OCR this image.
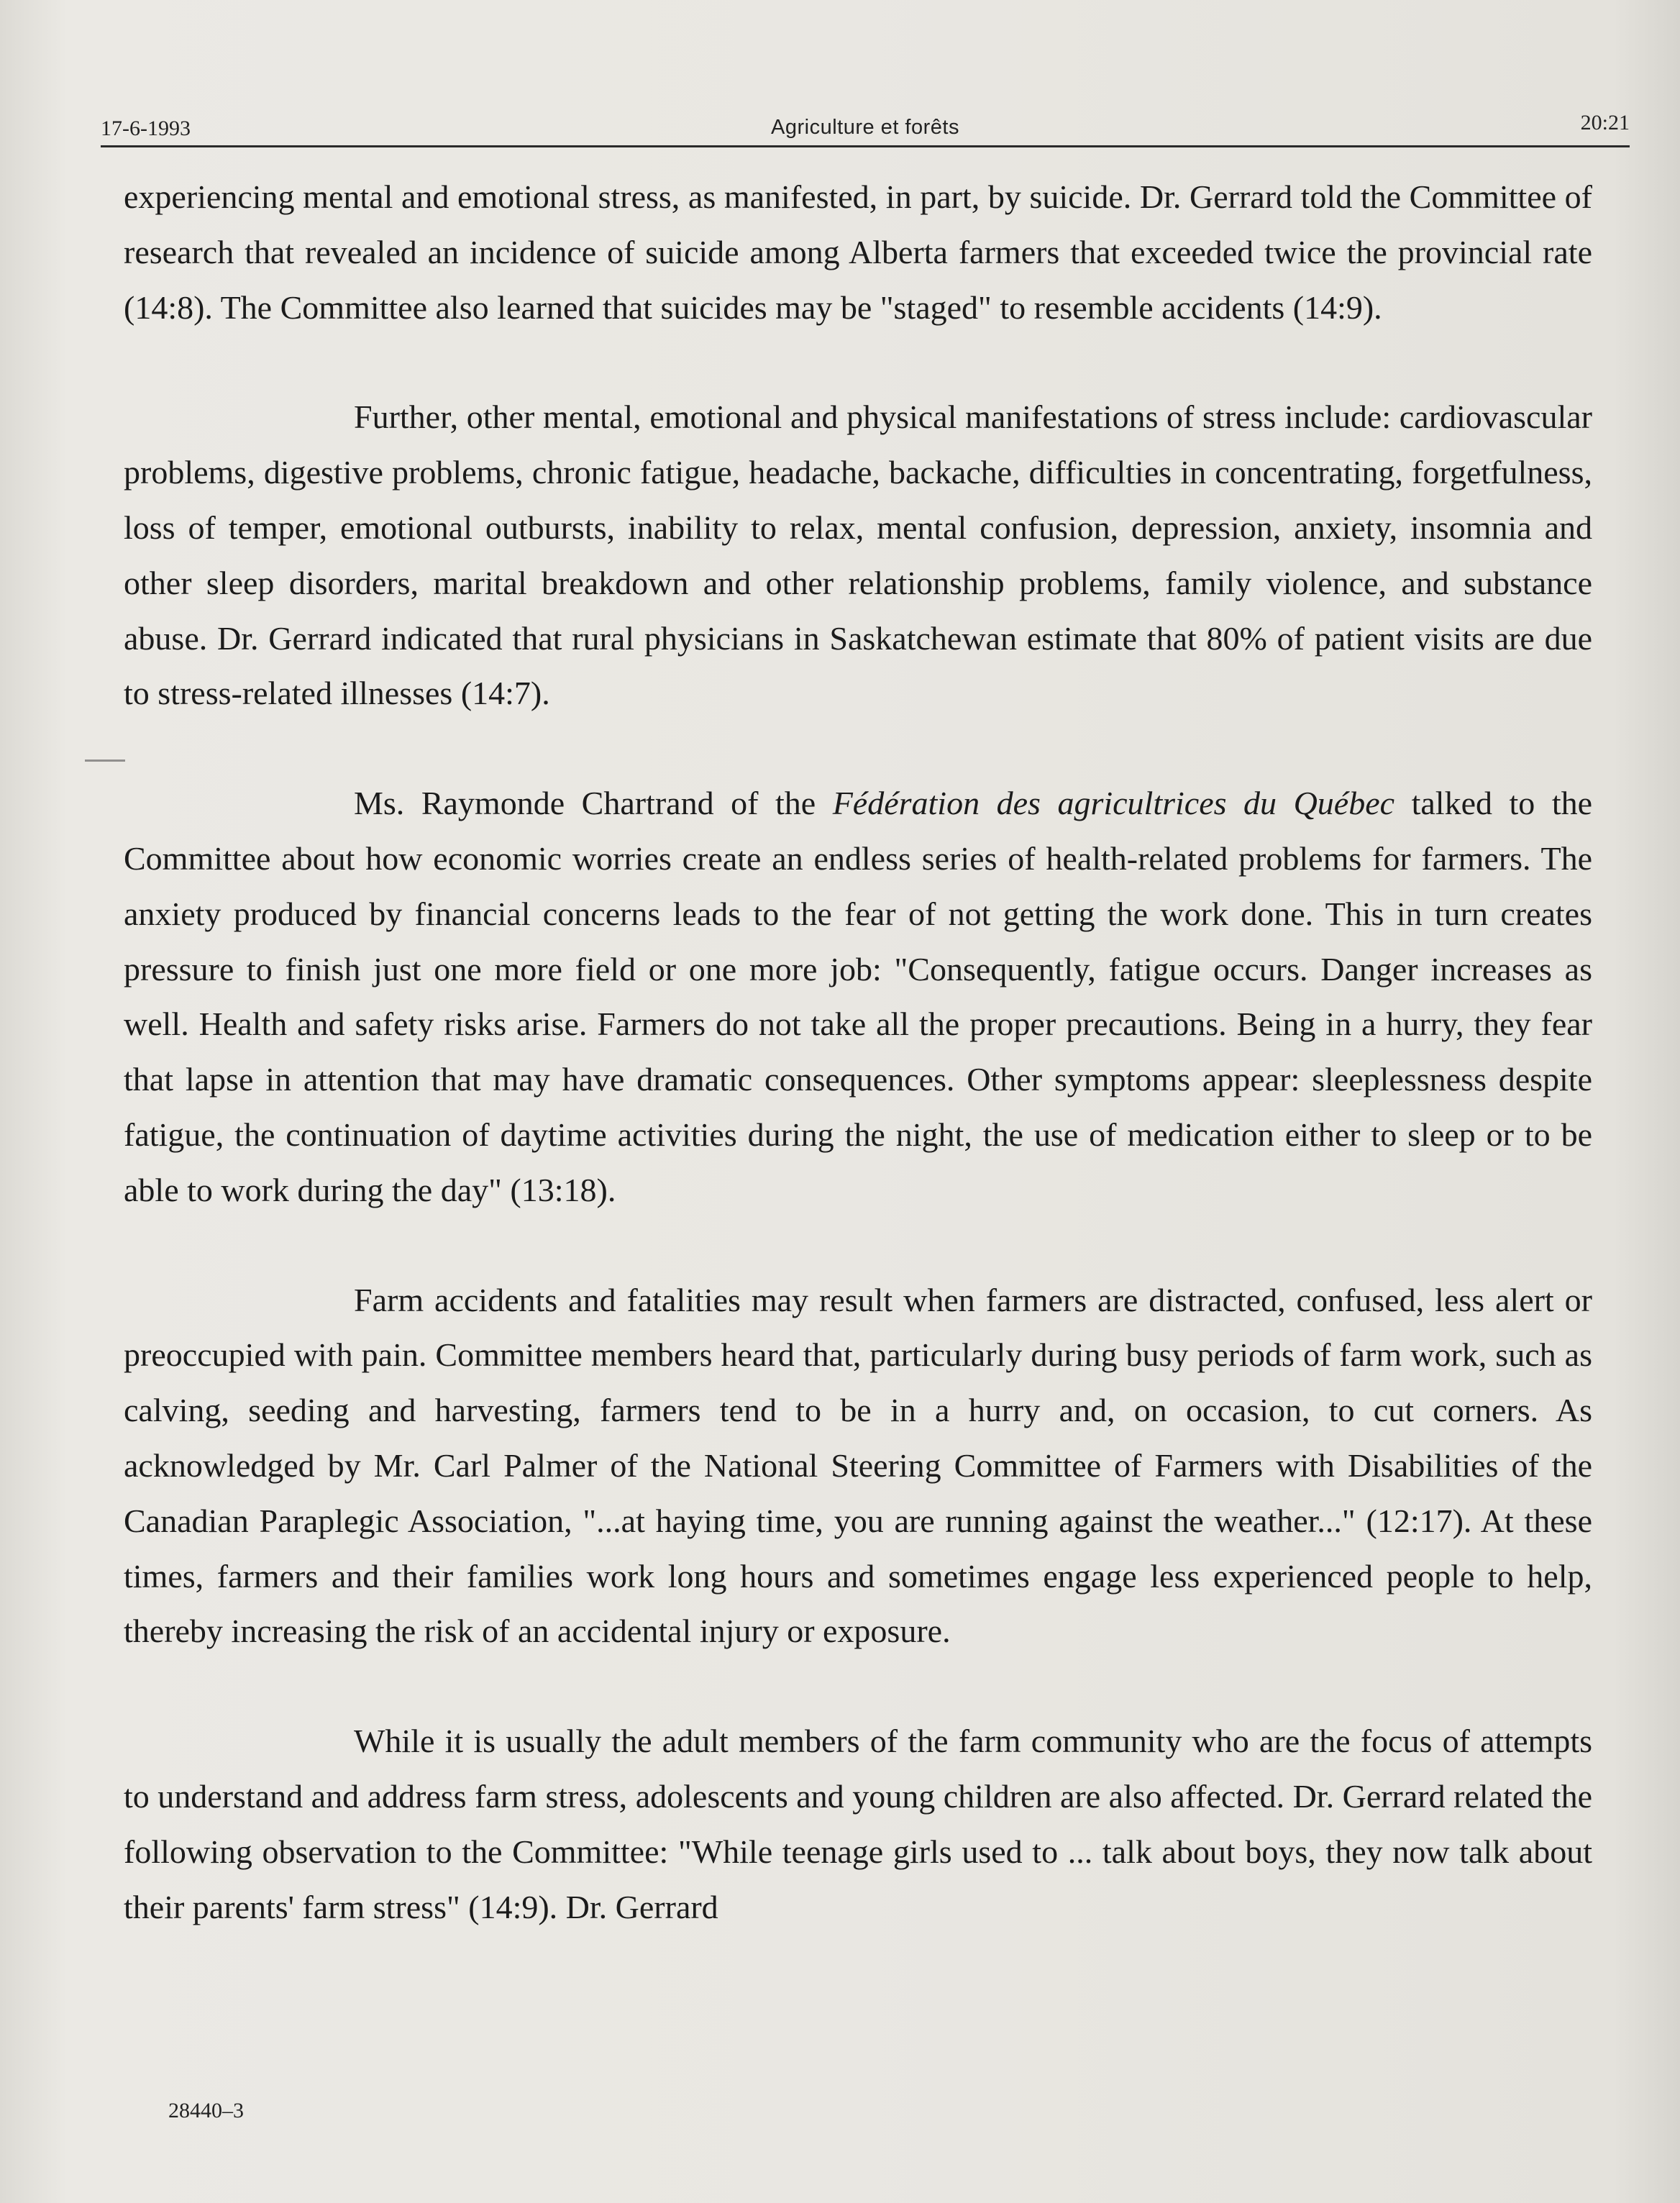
17-6-1993	Agriculture et forêts	20:21

experiencing mental and emotional stress, as manifested, in part, by suicide. Dr. Gerrard told the Committee of research that revealed an incidence of suicide among Alberta farmers that exceeded twice the provincial rate (14:8). The Committee also learned that suicides may be "staged" to resemble accidents (14:9).

Further, other mental, emotional and physical manifestations of stress include: cardiovascular problems, digestive problems, chronic fatigue, headache, backache, difficulties in concentrating, forgetfulness, loss of temper, emotional outbursts, inability to relax, mental confusion, depression, anxiety, insomnia and other sleep disorders, marital breakdown and other relationship problems, family violence, and substance abuse. Dr. Gerrard indicated that rural physicians in Saskatchewan estimate that 80% of patient visits are due to stress-related illnesses (14:7).

Ms. Raymonde Chartrand of the Fédération des agricultrices du Québec talked to the Committee about how economic worries create an endless series of health-related problems for farmers. The anxiety produced by financial concerns leads to the fear of not getting the work done. This in turn creates pressure to finish just one more field or one more job: "Consequently, fatigue occurs. Danger increases as well. Health and safety risks arise. Farmers do not take all the proper precautions. Being in a hurry, they fear that lapse in attention that may have dramatic consequences. Other symptoms appear: sleeplessness despite fatigue, the continuation of daytime activities during the night, the use of medication either to sleep or to be able to work during the day" (13:18).

Farm accidents and fatalities may result when farmers are distracted, confused, less alert or preoccupied with pain. Committee members heard that, particularly during busy periods of farm work, such as calving, seeding and harvesting, farmers tend to be in a hurry and, on occasion, to cut corners. As acknowledged by Mr. Carl Palmer of the National Steering Committee of Farmers with Disabilities of the Canadian Paraplegic Association, "...at haying time, you are running against the weather..." (12:17). At these times, farmers and their families work long hours and sometimes engage less experienced people to help, thereby increasing the risk of an accidental injury or exposure.

While it is usually the adult members of the farm community who are the focus of attempts to understand and address farm stress, adolescents and young children are also affected. Dr. Gerrard related the following observation to the Committee: "While teenage girls used to ... talk about boys, they now talk about their parents' farm stress" (14:9). Dr. Gerrard

28440–3
